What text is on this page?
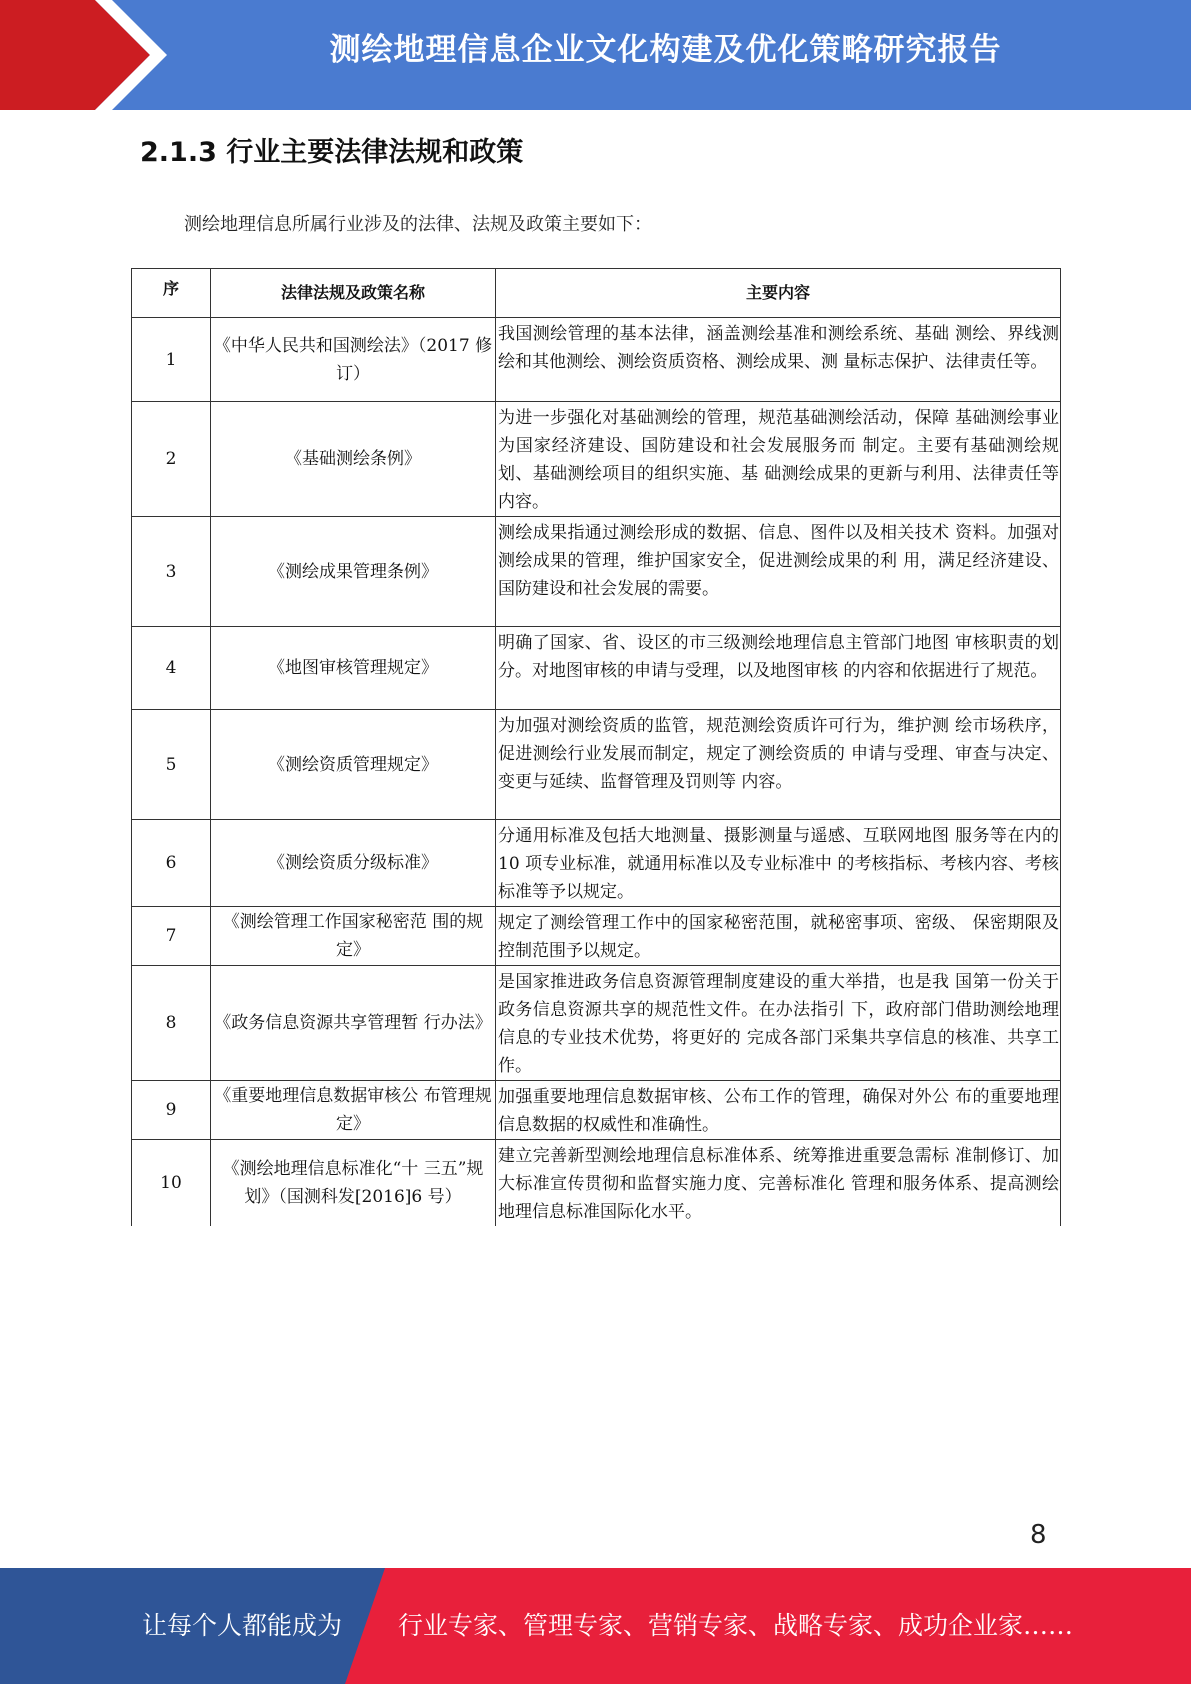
测绘地理信息企业文化构建及优化策略研究报告
2.1.3 行业主要法律法规和政策
测绘地理信息所属行业涉及的法律、法规及政策主要如下：
序	法律法规及政策名称	主要内容
1	《中华人民共和国测绘法》（2017 修订）	我国测绘管理的基本法律，涵盖测绘基准和测绘系统、基础 测绘、界线测绘和其他测绘、测绘资质资格、测绘成果、测 量标志保护、法律责任等。
2	《基础测绘条例》	为进一步强化对基础测绘的管理，规范基础测绘活动，保障 基础测绘事业为国家经济建设、国防建设和社会发展服务而 制定。主要有基础测绘规划、基础测绘项目的组织实施、基 础测绘成果的更新与利用、法律责任等内容。
3	《测绘成果管理条例》	测绘成果指通过测绘形成的数据、信息、图件以及相关技术 资料。加强对测绘成果的管理，维护国家安全，促进测绘成果的利 用，满足经济建设、国防建设和社会发展的需要。
4	《地图审核管理规定》	明确了国家、省、设区的市三级测绘地理信息主管部门地图 审核职责的划分。对地图审核的申请与受理，以及地图审核 的内容和依据进行了规范。
5	《测绘资质管理规定》	为加强对测绘资质的监管，规范测绘资质许可行为，维护测 绘市场秩序，促进测绘行业发展而制定，规定了测绘资质的 申请与受理、审查与决定、变更与延续、监督管理及罚则等 内容。
6	《测绘资质分级标准》	分通用标准及包括大地测量、摄影测量与遥感、互联网地图 服务等在内的 10 项专业标准，就通用标准以及专业标准中 的考核指标、考核内容、考核标准等予以规定。
7	《测绘管理工作国家秘密范 围的规定》	规定了测绘管理工作中的国家秘密范围，就秘密事项、密级、 保密期限及控制范围予以规定。
8	《政务信息资源共享管理暂 行办法》	是国家推进政务信息资源管理制度建设的重大举措，也是我 国第一份关于政务信息资源共享的规范性文件。在办法指引 下，政府部门借助测绘地理信息的专业技术优势，将更好的 完成各部门采集共享信息的核准、共享工作。
9	《重要地理信息数据审核公 布管理规定》	加强重要地理信息数据审核、公布工作的管理，确保对外公 布的重要地理信息数据的权威性和准确性。
10	《测绘地理信息标准化“十 三五”规划》（国测科发[2016]6 号）	建立完善新型测绘地理信息标准体系、统筹推进重要急需标 准制修订、加大标准宣传贯彻和监督实施力度、完善标准化 管理和服务体系、提高测绘地理信息标准国际化水平。
8
让每个人都能成为 行业专家、管理专家、营销专家、战略专家、成功企业家……
